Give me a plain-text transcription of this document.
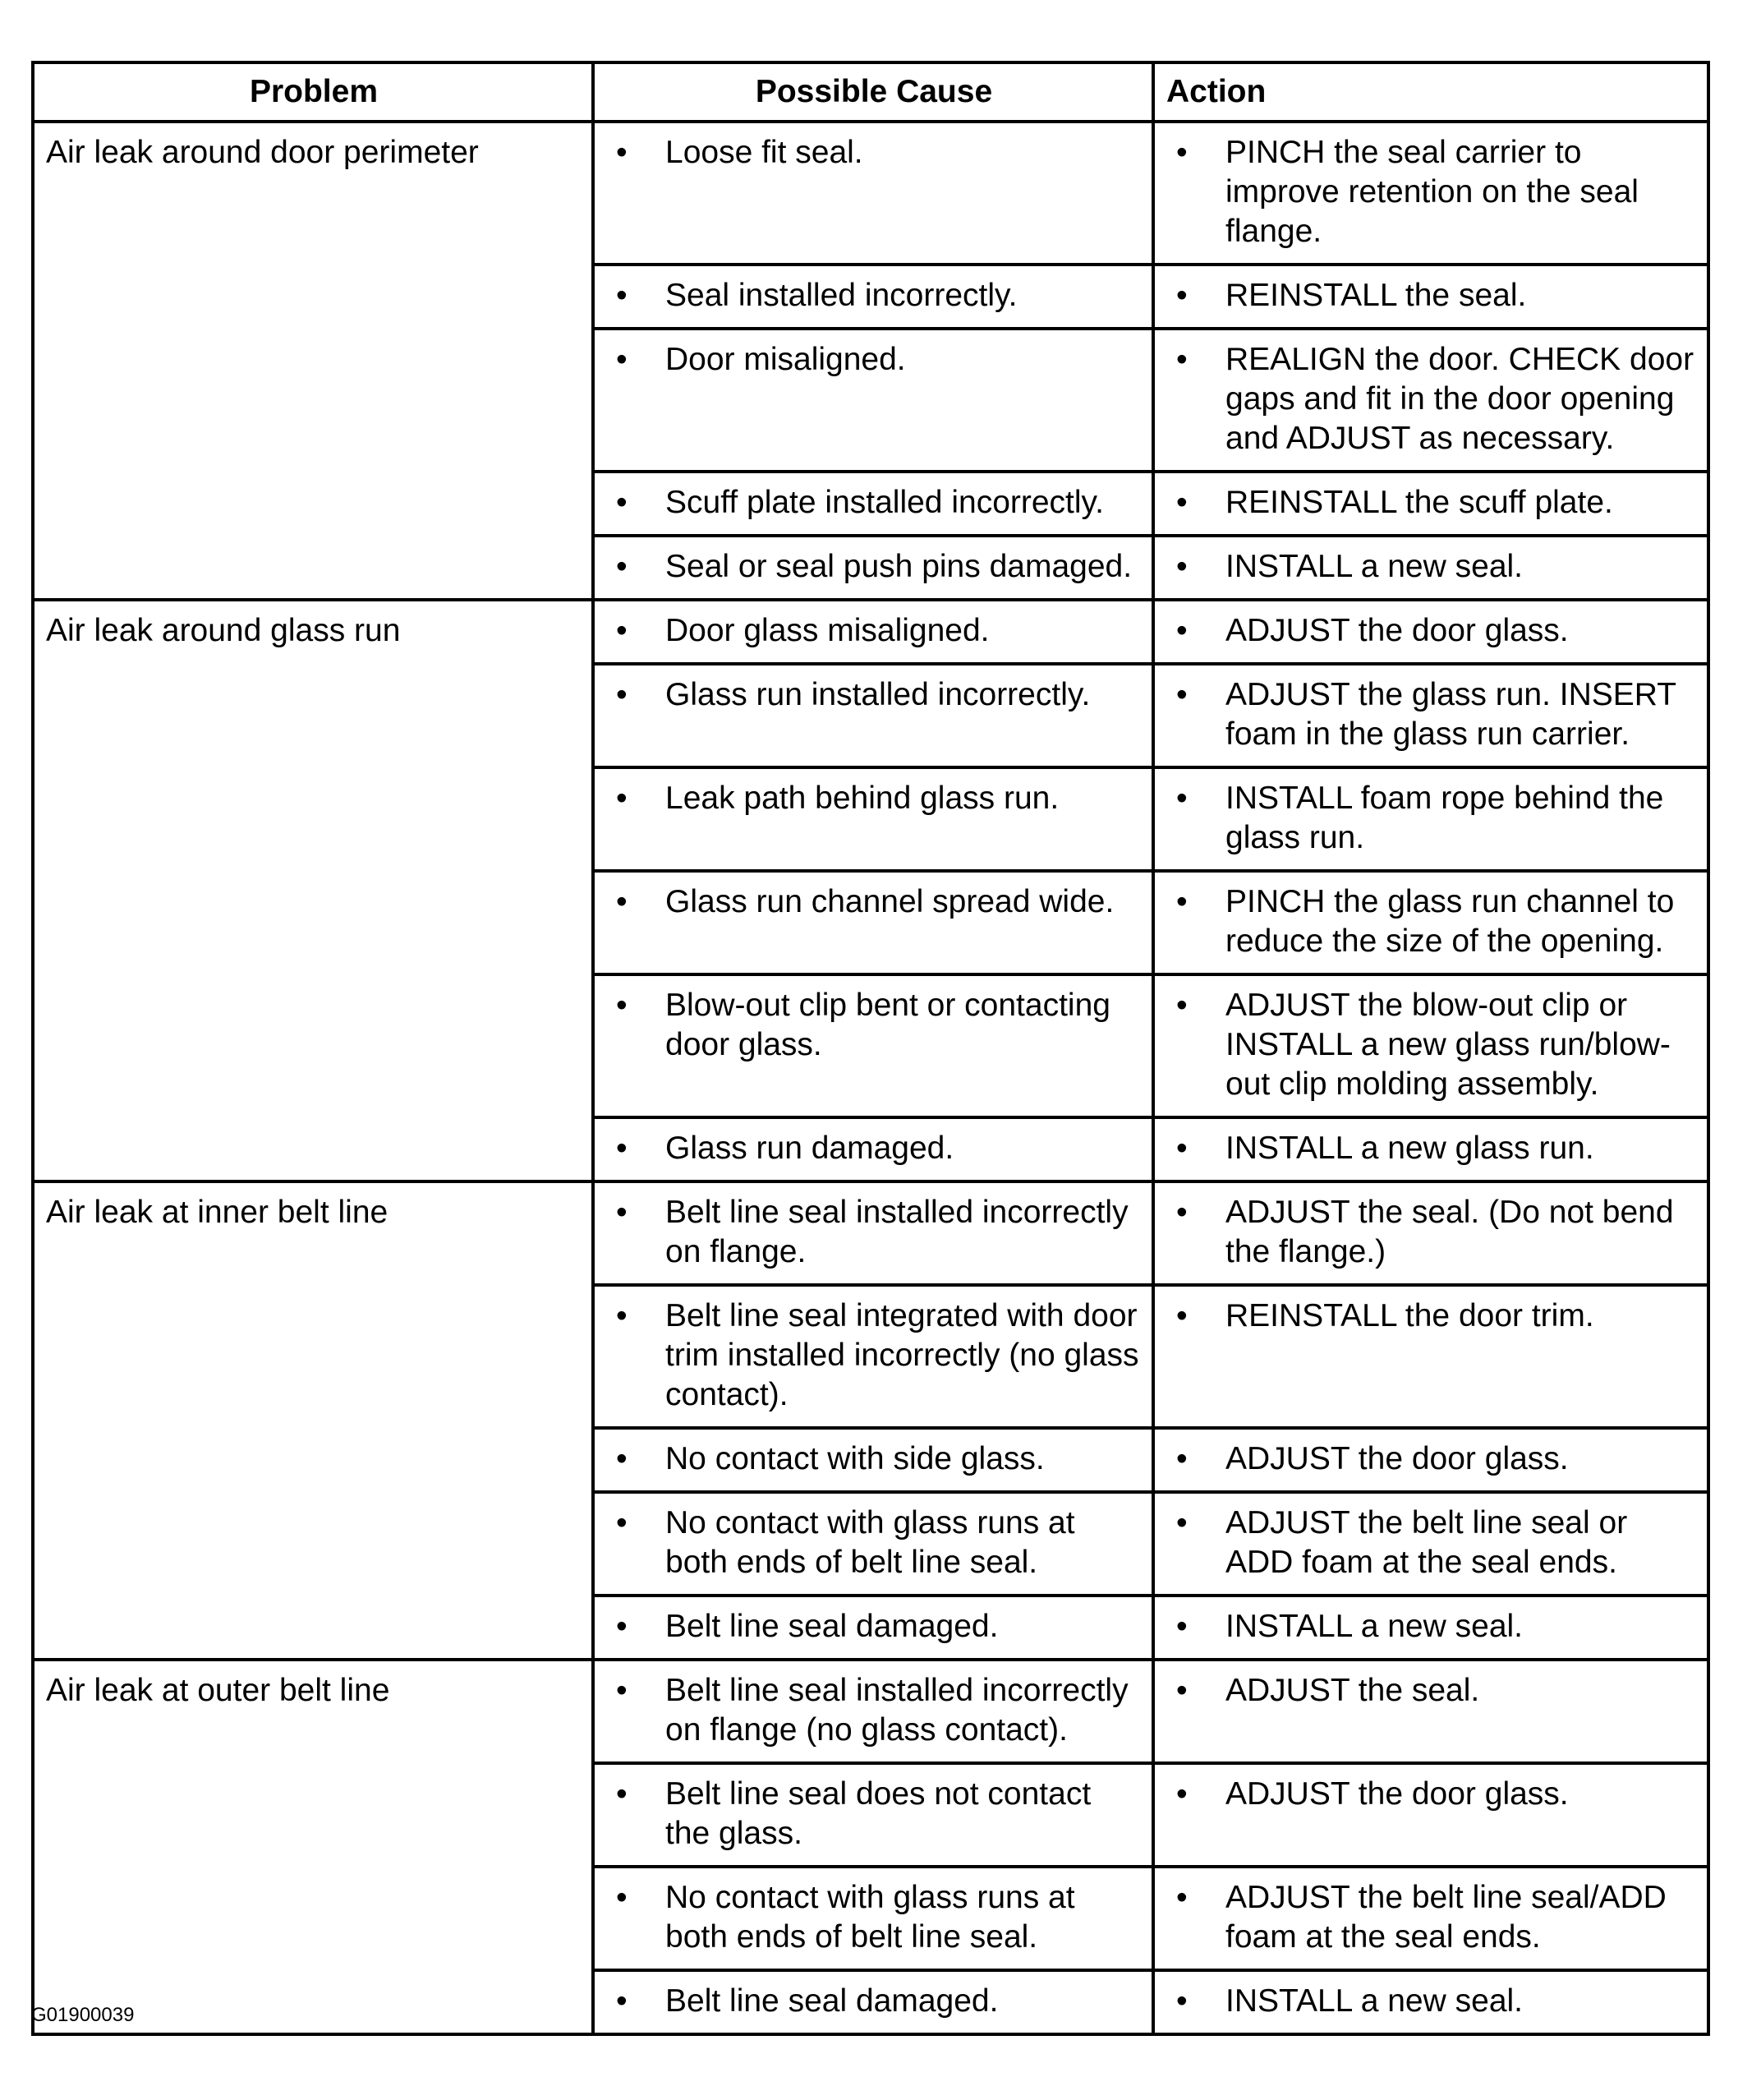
Problem	Possible Cause	Action
Air leak around door perimeter	• Loose fit seal.	• PINCH the seal carrier to improve retention on the seal flange.

	• Seal installed incorrectly.	• REINSTALL the seal.

	• Door misaligned.	• REALIGN the door. CHECK door gaps and fit in the door opening and ADJUST as necessary.

	• Scuff plate installed incorrectly.	• REINSTALL the scuff plate.

	• Seal or seal push pins damaged.	• INSTALL a new seal.

Air leak around glass run	• Door glass misaligned.	• ADJUST the door glass.

	• Glass run installed incorrectly.	• ADJUST the glass run. INSERT foam in the glass run carrier.

	• Leak path behind glass run.	• INSTALL foam rope behind the glass run.

	• Glass run channel spread wide.	• PINCH the glass run channel to reduce the size of the opening.

	• Blow-out clip bent or contacting door glass.	• ADJUST the blow-out clip or INSTALL a new glass run/blow-out clip molding assembly.

	• Glass run damaged.	• INSTALL a new glass run.

Air leak at inner belt line	• Belt line seal installed incorrectly on flange.	• ADJUST the seal. (Do not bend the flange.)

	• Belt line seal integrated with door trim installed incorrectly (no glass contact).	• REINSTALL the door trim.

	• No contact with side glass.	• ADJUST the door glass.

	• No contact with glass runs at both ends of belt line seal.	• ADJUST the belt line seal or ADD foam at the seal ends.

	• Belt line seal damaged.	• INSTALL a new seal.

Air leak at outer belt line	• Belt line seal installed incorrectly on flange (no glass contact).	• ADJUST the seal.

	• Belt line seal does not contact the glass.	• ADJUST the door glass.

	• No contact with glass runs at both ends of belt line seal.	• ADJUST the belt line seal/ADD foam at the seal ends.

	• Belt line seal damaged.	• INSTALL a new seal.
G01900039
